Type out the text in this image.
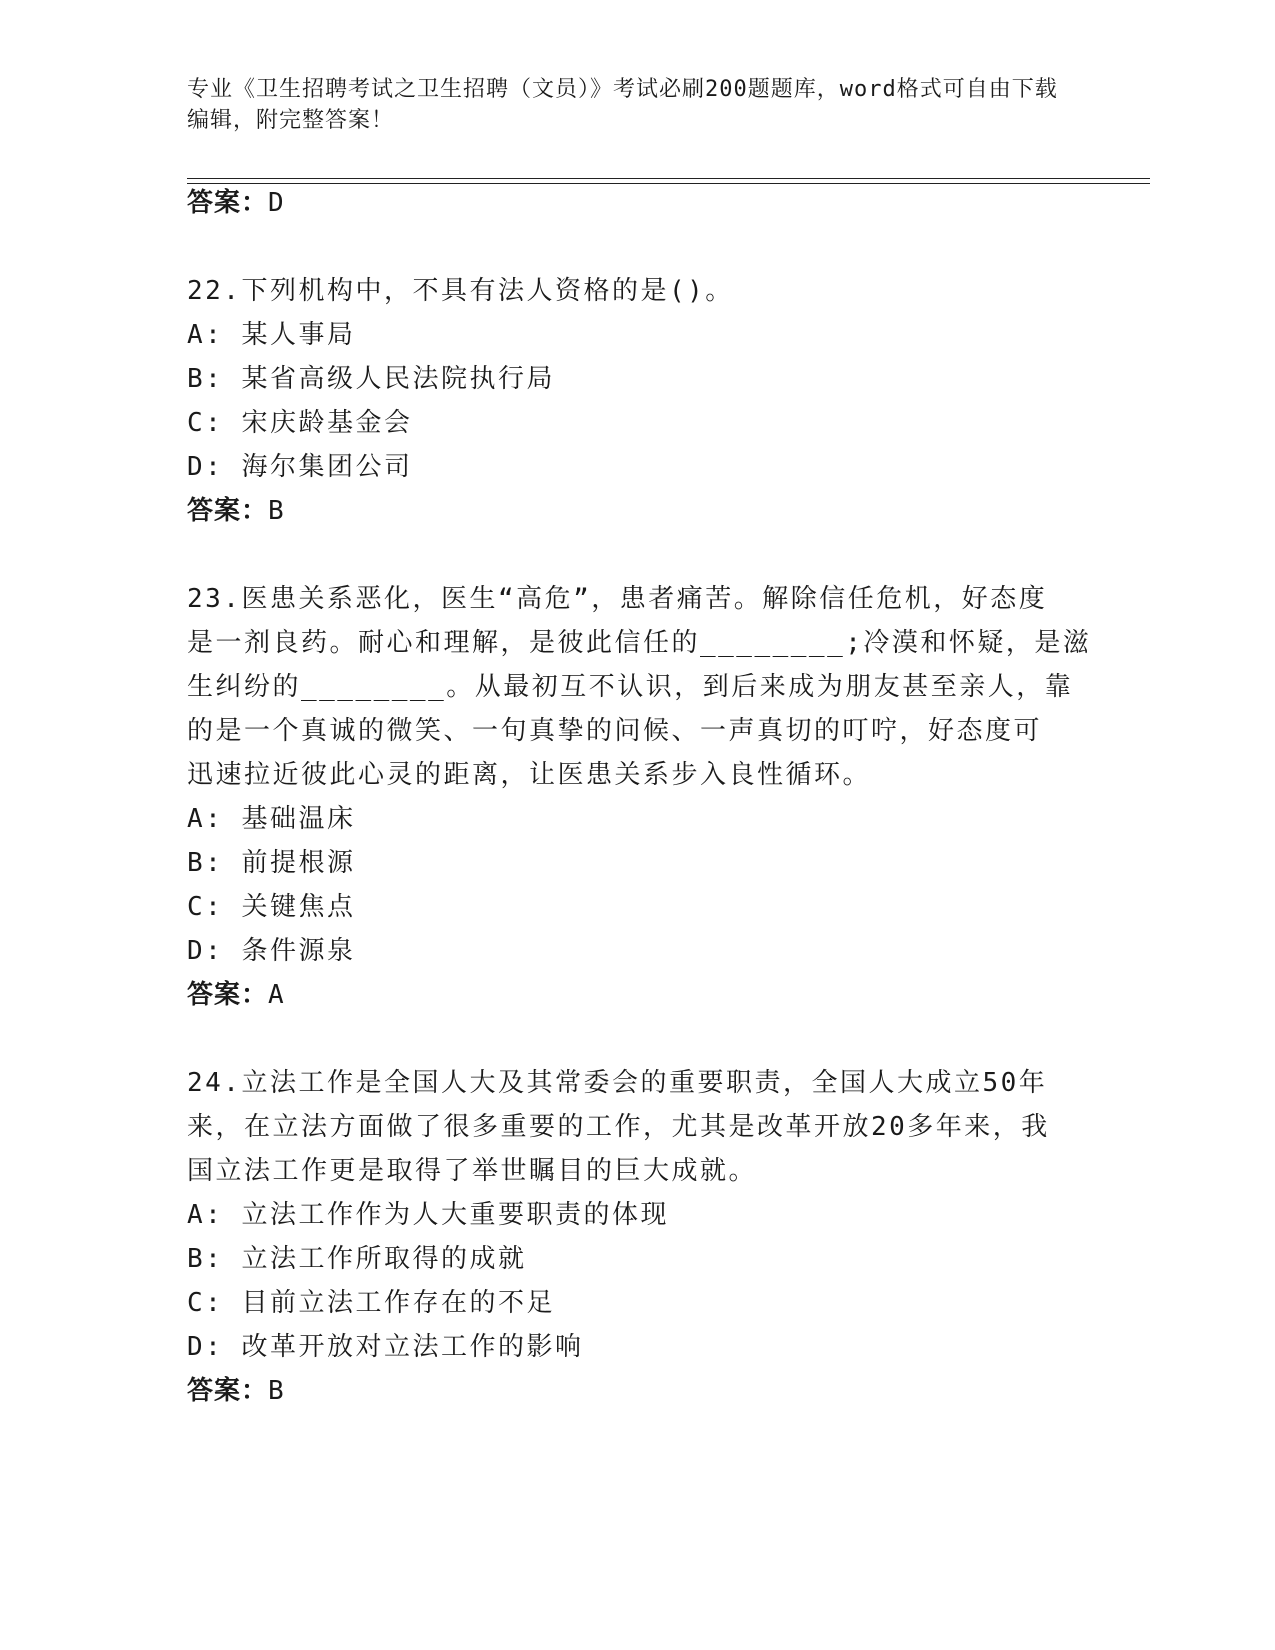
专业《卫生招聘考试之卫生招聘（文员）》考试必刷200题题库，word格式可自由下载编辑，附完整答案！
答案：D
22.下列机构中，不具有法人资格的是()。
A: 某人事局
B: 某省高级人民法院执行局
C: 宋庆龄基金会
D: 海尔集团公司
答案：B
23.医患关系恶化，医生“高危”，患者痛苦。解除信任危机，好态度
是一剂良药。耐心和理解，是彼此信任的________;冷漠和怀疑，是滋
生纠纷的________。从最初互不认识，到后来成为朋友甚至亲人，靠
的是一个真诚的微笑、一句真挚的问候、一声真切的叮咛，好态度可
迅速拉近彼此心灵的距离，让医患关系步入良性循环。
A: 基础温床
B: 前提根源
C: 关键焦点
D: 条件源泉
答案：A
24.立法工作是全国人大及其常委会的重要职责，全国人大成立50年
来，在立法方面做了很多重要的工作，尤其是改革开放20多年来，我
国立法工作更是取得了举世瞩目的巨大成就。
A: 立法工作作为人大重要职责的体现
B: 立法工作所取得的成就
C: 目前立法工作存在的不足
D: 改革开放对立法工作的影响
答案：B
